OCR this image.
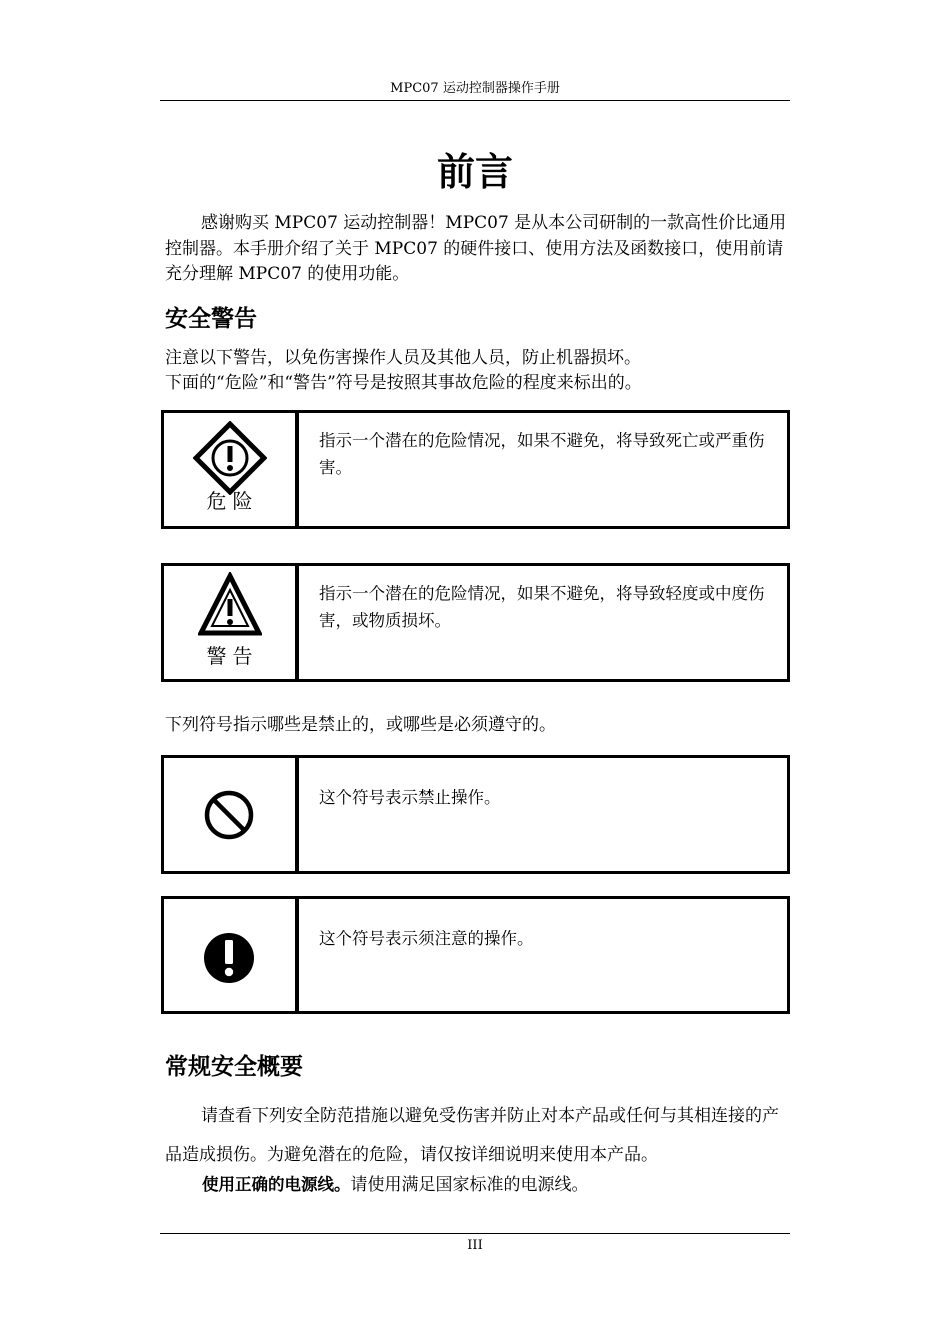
MPC07 运动控制器操作手册
前言

感谢购买 MPC07 运动控制器！MPC07 是从本公司研制的一款高性价比通用控制器。本手册介绍了关于 MPC07 的硬件接口、使用方法及函数接口，使用前请充分理解 MPC07 的使用功能。

安全警告
注意以下警告，以免伤害操作人员及其他人员，防止机器损坏。
下面的“危险”和“警告”符号是按照其事故危险的程度来标出的。
危险
指示一个潜在的危险情况，如果不避免，将导致死亡或严重伤害。
警告
指示一个潜在的危险情况，如果不避免，将导致轻度或中度伤害，或物质损坏。
下列符号指示哪些是禁止的，或哪些是必须遵守的。
这个符号表示禁止操作。
这个符号表示须注意的操作。
常规安全概要

请查看下列安全防范措施以避免受伤害并防止对本产品或任何与其相连接的产品造成损伤。为避免潜在的危险，请仅按详细说明来使用本产品。

使用正确的电源线。请使用满足国家标准的电源线。
III
